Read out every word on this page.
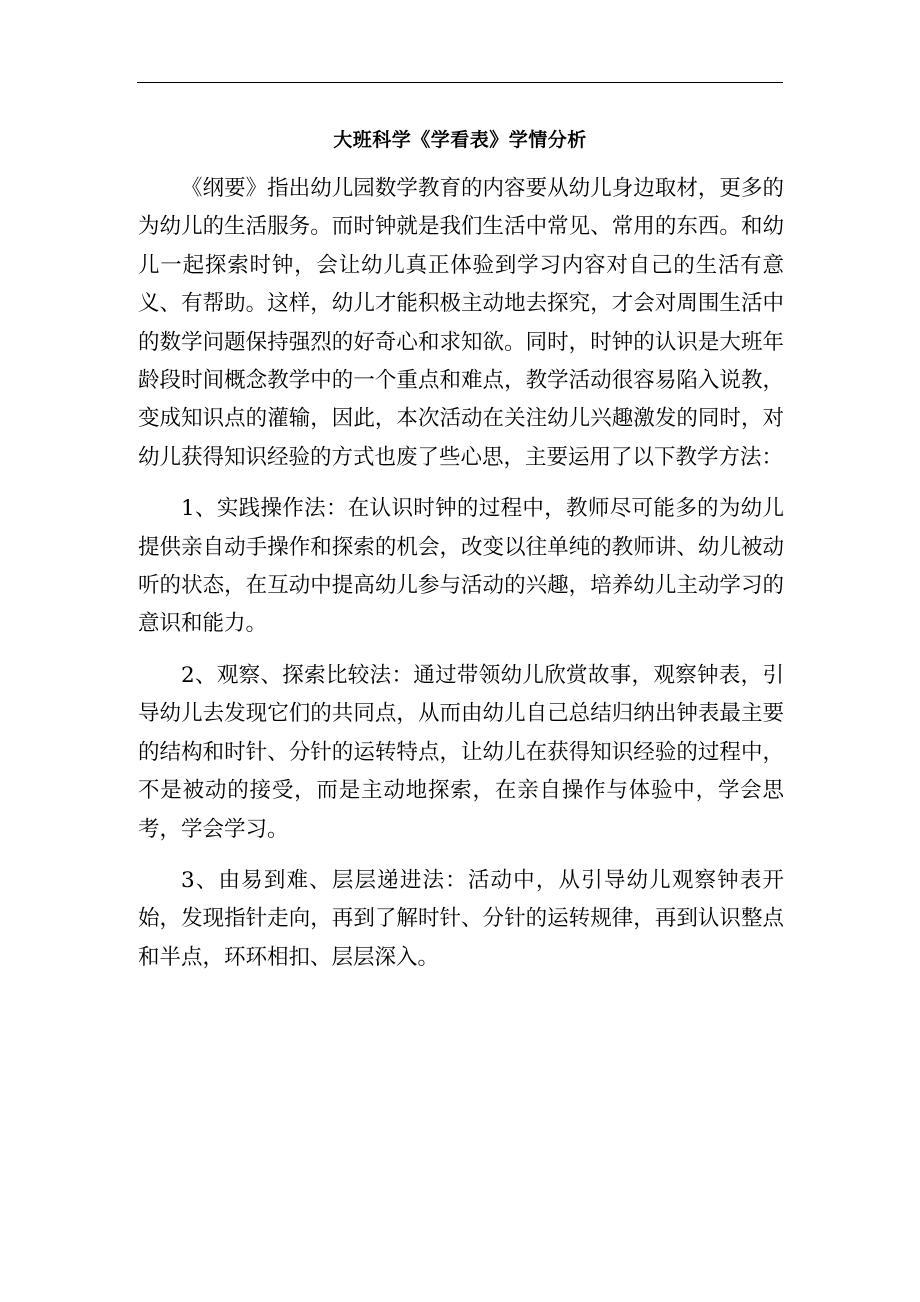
大班科学《学看表》学情分析

《纲要》指出幼儿园数学教育的内容要从幼儿身边取材，更多的为幼儿的生活服务。而时钟就是我们生活中常见、常用的东西。和幼儿一起探索时钟，会让幼儿真正体验到学习内容对自己的生活有意义、有帮助。这样，幼儿才能积极主动地去探究，才会对周围生活中的数学问题保持强烈的好奇心和求知欲。同时，时钟的认识是大班年龄段时间概念教学中的一个重点和难点，教学活动很容易陷入说教，变成知识点的灌输，因此，本次活动在关注幼儿兴趣激发的同时，对幼儿获得知识经验的方式也废了些心思，主要运用了以下教学方法：

1、实践操作法：在认识时钟的过程中，教师尽可能多的为幼儿提供亲自动手操作和探索的机会，改变以往单纯的教师讲、幼儿被动听的状态，在互动中提高幼儿参与活动的兴趣，培养幼儿主动学习的意识和能力。

2、观察、探索比较法：通过带领幼儿欣赏故事，观察钟表，引导幼儿去发现它们的共同点，从而由幼儿自己总结归纳出钟表最主要的结构和时针、分针的运转特点，让幼儿在获得知识经验的过程中，不是被动的接受，而是主动地探索，在亲自操作与体验中，学会思考，学会学习。

3、由易到难、层层递进法：活动中，从引导幼儿观察钟表开始，发现指针走向，再到了解时针、分针的运转规律，再到认识整点和半点，环环相扣、层层深入。
